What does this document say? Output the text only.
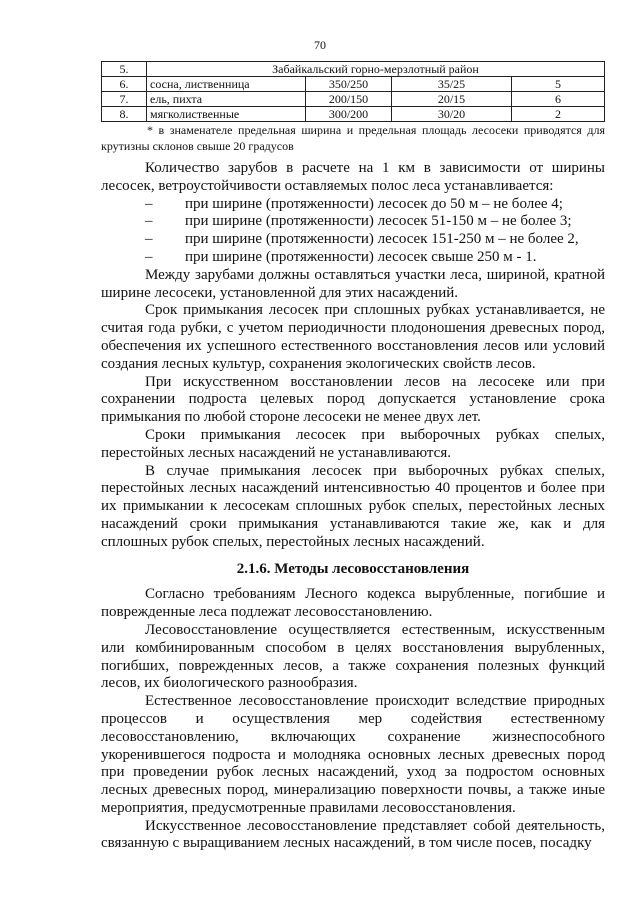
70
5.	Забайкальский горно-мерзлотный район			
6.	сосна, лиственница	350/250	35/25	5
7.	ель, пихта	200/150	20/15	6
8.	мягколиственные	300/200	30/20	2
* в знаменателе предельная ширина и предельная площадь лесосеки приводятся для крутизны склонов свыше 20 градусов

Количество зарубов в расчете на 1 км в зависимости от ширины лесосек, ветроустойчивости оставляемых полос леса устанавливается:

– при ширине (протяженности) лесосек до 50 м – не более 4;

– при ширине (протяженности) лесосек 51-150 м – не более 3;

– при ширине (протяженности) лесосек 151-250 м – не более 2,

– при ширине (протяженности) лесосек свыше 250 м - 1.

Между зарубами должны оставляться участки леса, шириной, кратной ширине лесосеки, установленной для этих насаждений.

Срок примыкания лесосек при сплошных рубках устанавливается, не считая года рубки, с учетом периодичности плодоношения древесных пород, обеспечения их успешного естественного восстановления лесов или условий создания лесных культур, сохранения экологических свойств лесов.

При искусственном восстановлении лесов на лесосеке или при сохранении подроста целевых пород допускается установление срока примыкания по любой стороне лесосеки не менее двух лет.

Сроки примыкания лесосек при выборочных рубках спелых, перестойных лесных насаждений не устанавливаются.

В случае примыкания лесосек при выборочных рубках спелых, перестойных лесных насаждений интенсивностью 40 процентов и более при их примыкании к лесосекам сплошных рубок спелых, перестойных лесных насаждений сроки примыкания устанавливаются такие же, как и для сплошных рубок спелых, перестойных лесных насаждений.

2.1.6. Методы лесовосстановления

Согласно требованиям Лесного кодекса вырубленные, погибшие и поврежденные леса подлежат лесовосстановлению.

Лесовосстановление осуществляется естественным, искусственным или комбинированным способом в целях восстановления вырубленных, погибших, поврежденных лесов, а также сохранения полезных функций лесов, их биологического разнообразия.

Естественное лесовосстановление происходит вследствие природных процессов и осуществления мер содействия естественному лесовосстановлению, включающих сохранение жизнеспособного укоренившегося подроста и молодняка основных лесных древесных пород при проведении рубок лесных насаждений, уход за подростом основных лесных древесных пород, минерализацию поверхности почвы, а также иные мероприятия, предусмотренные правилами лесовосстановления.

Искусственное лесовосстановление представляет собой деятельность, связанную с выращиванием лесных насаждений, в том числе посев, посадку
